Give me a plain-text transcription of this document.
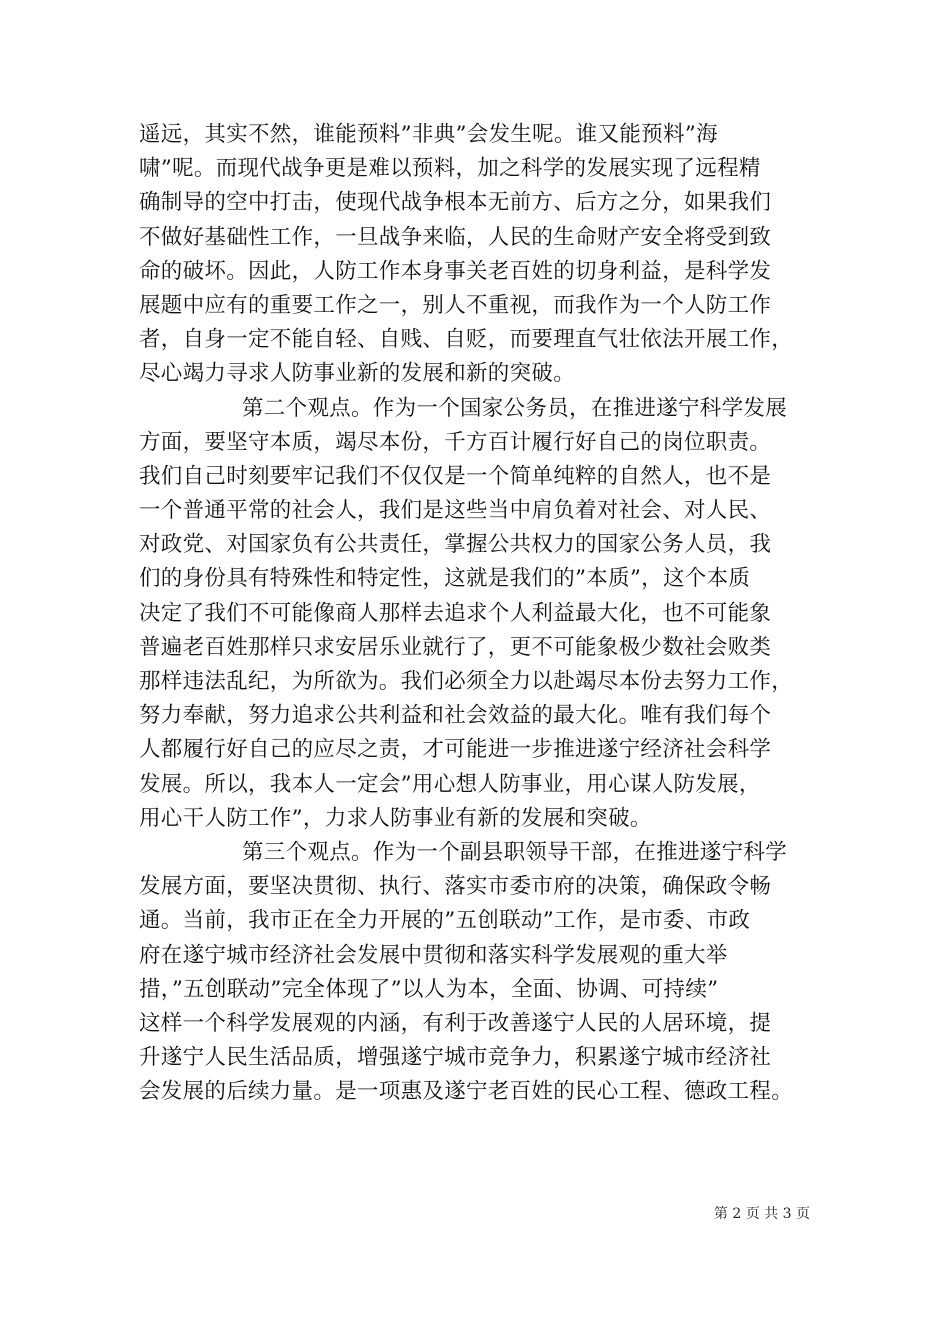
遥远，其实不然，谁能预料”非典”会发生呢。谁又能预料”海
啸”呢。而现代战争更是难以预料，加之科学的发展实现了远程精
确制导的空中打击，使现代战争根本无前方、后方之分，如果我们
不做好基础性工作，一旦战争来临，人民的生命财产安全将受到致
命的破坏。因此，人防工作本身事关老百姓的切身利益，是科学发
展题中应有的重要工作之一，别人不重视，而我作为一个人防工作
者，自身一定不能自轻、自贱、自贬，而要理直气壮依法开展工作，
尽心竭力寻求人防事业新的发展和新的突破。
第二个观点。作为一个国家公务员，在推进遂宁科学发展
方面，要坚守本质，竭尽本份，千方百计履行好自己的岗位职责。
我们自己时刻要牢记我们不仅仅是一个简单纯粹的自然人，也不是
一个普通平常的社会人，我们是这些当中肩负着对社会、对人民、
对政党、对国家负有公共责任，掌握公共权力的国家公务人员，我
们的身份具有特殊性和特定性，这就是我们的”本质”，这个本质
决定了我们不可能像商人那样去追求个人利益最大化，也不可能象
普遍老百姓那样只求安居乐业就行了，更不可能象极少数社会败类
那样违法乱纪，为所欲为。我们必须全力以赴竭尽本份去努力工作，
努力奉献，努力追求公共利益和社会效益的最大化。唯有我们每个
人都履行好自己的应尽之责，才可能进一步推进遂宁经济社会科学
发展。所以，我本人一定会”用心想人防事业，用心谋人防发展，
用心干人防工作”，力求人防事业有新的发展和突破。
第三个观点。作为一个副县职领导干部，在推进遂宁科学
发展方面，要坚决贯彻、执行、落实市委市府的决策，确保政令畅
通。当前，我市正在全力开展的”五创联动”工作，是市委、市政
府在遂宁城市经济社会发展中贯彻和落实科学发展观的重大举
措，”五创联动”完全体现了”以人为本，全面、协调、可持续”
这样一个科学发展观的内涵，有利于改善遂宁人民的人居环境，提
升遂宁人民生活品质，增强遂宁城市竞争力，积累遂宁城市经济社
会发展的后续力量。是一项惠及遂宁老百姓的民心工程、德政工程。
第 2 页 共 3 页
